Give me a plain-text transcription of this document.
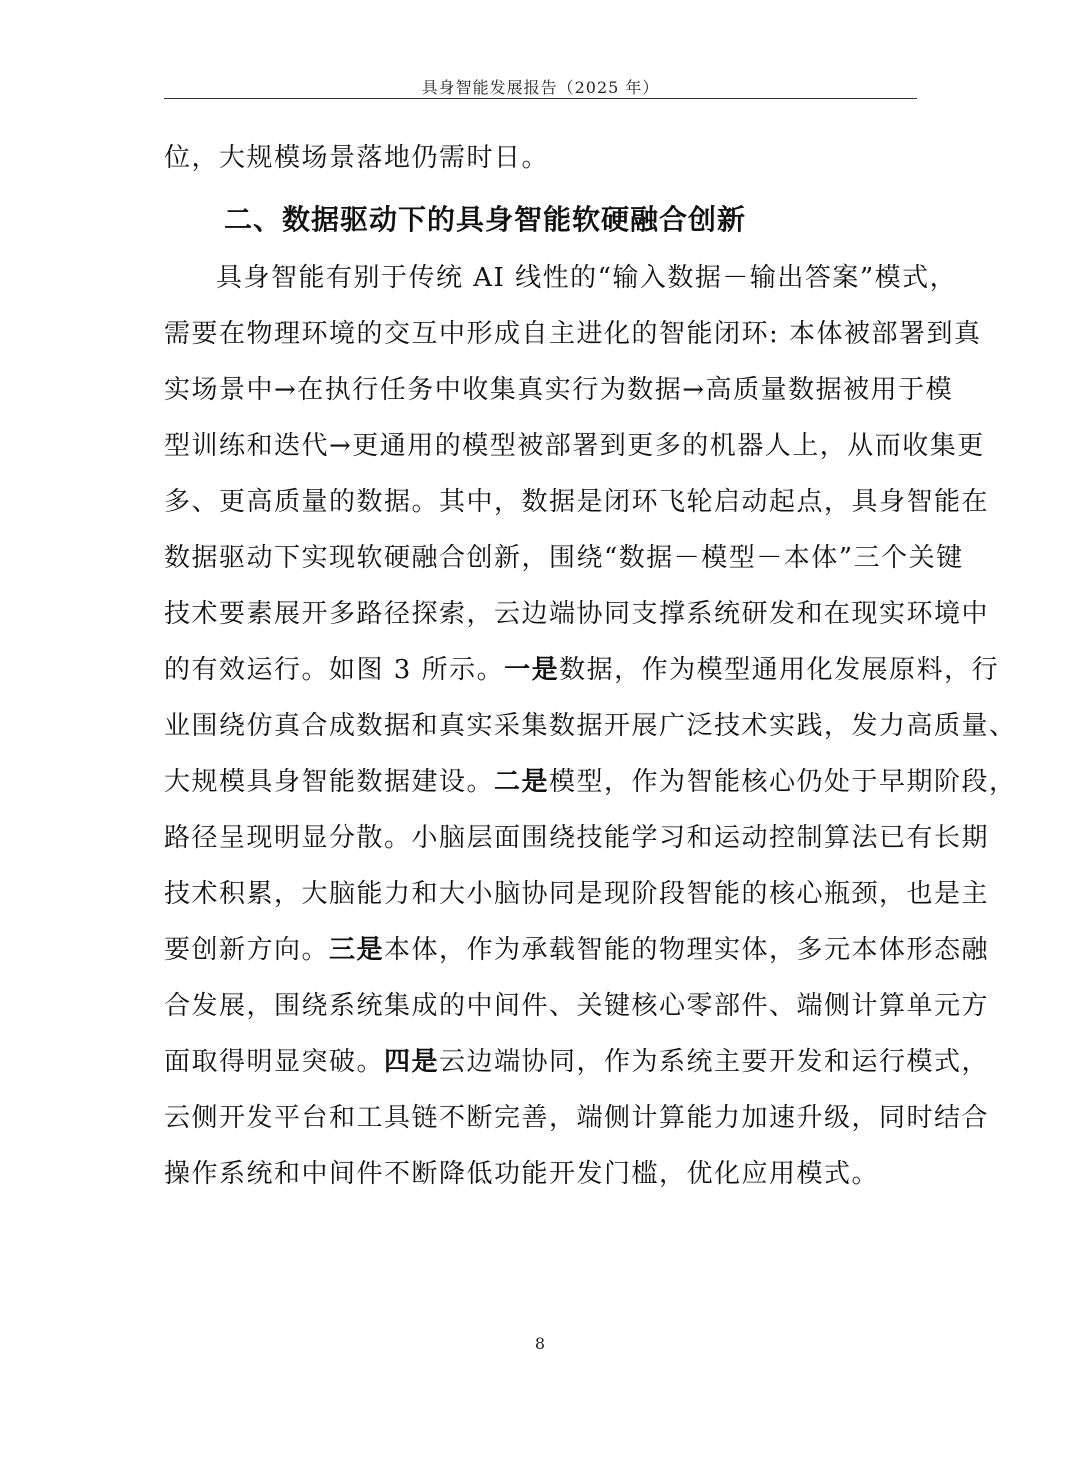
具身智能发展报告（2025 年）
位，大规模场景落地仍需时日。
二、数据驱动下的具身智能软硬融合创新
具身智能有别于传统 AI 线性的“输入数据－输出答案”模式，
需要在物理环境的交互中形成自主进化的智能闭环: 本体被部署到真
实场景中→在执行任务中收集真实行为数据→高质量数据被用于模
型训练和迭代→更通用的模型被部署到更多的机器人上，从而收集更
多、更高质量的数据。其中，数据是闭环飞轮启动起点，具身智能在
数据驱动下实现软硬融合创新，围绕“数据－模型－本体”三个关键
技术要素展开多路径探索，云边端协同支撑系统研发和在现实环境中
的有效运行。如图 3 所示。一是数据，作为模型通用化发展原料，行
业围绕仿真合成数据和真实采集数据开展广泛技术实践，发力高质量、
大规模具身智能数据建设。二是模型，作为智能核心仍处于早期阶段，
路径呈现明显分散。小脑层面围绕技能学习和运动控制算法已有长期
技术积累，大脑能力和大小脑协同是现阶段智能的核心瓶颈，也是主
要创新方向。三是本体，作为承载智能的物理实体，多元本体形态融
合发展，围绕系统集成的中间件、关键核心零部件、端侧计算单元方
面取得明显突破。四是云边端协同，作为系统主要开发和运行模式，
云侧开发平台和工具链不断完善，端侧计算能力加速升级，同时结合
操作系统和中间件不断降低功能开发门槛，优化应用模式。
8
